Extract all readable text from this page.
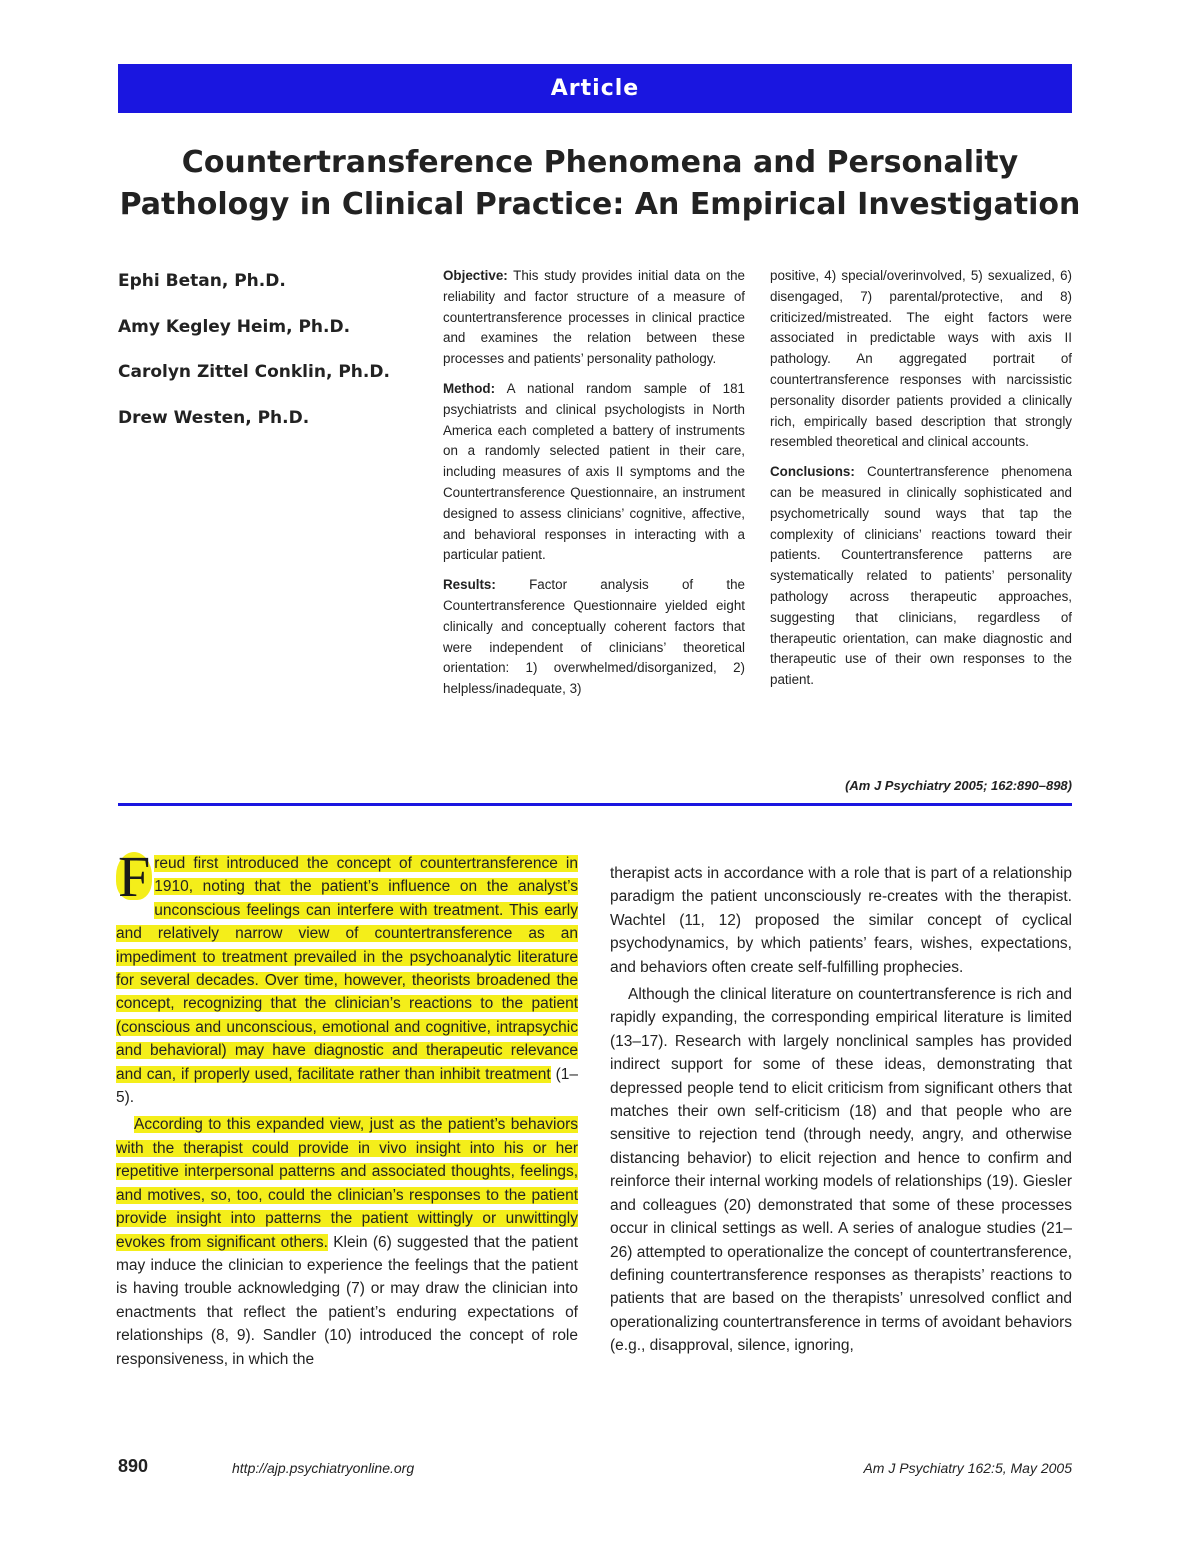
Article
Countertransference Phenomena and Personality
Pathology in Clinical Practice: An Empirical Investigation
Ephi Betan, Ph.D.
Amy Kegley Heim, Ph.D.
Carolyn Zittel Conklin, Ph.D.
Drew Westen, Ph.D.

Objective: This study provides initial data on the reliability and factor structure of a measure of countertransference processes in clinical practice and examines the relation between these processes and patients’ personality pathology.

Method: A national random sample of 181 psychiatrists and clinical psychologists in North America each completed a battery of instruments on a randomly selected patient in their care, including measures of axis II symptoms and the Countertransference Questionnaire, an instrument designed to assess clinicians’ cognitive, affective, and behavioral responses in interacting with a particular patient.

Results: Factor analysis of the Countertransference Questionnaire yielded eight clinically and conceptually coherent factors that were independent of clinicians’ theoretical orientation: 1) overwhelmed/disorganized, 2) helpless/inadequate, 3)

positive, 4) special/overinvolved, 5) sexualized, 6) disengaged, 7) parental/protective, and 8) criticized/mistreated. The eight factors were associated in predictable ways with axis II pathology. An aggregated portrait of countertransference responses with narcissistic personality disorder patients provided a clinically rich, empirically based description that strongly resembled theoretical and clinical accounts.

Conclusions: Countertransference phenomena can be measured in clinically sophisticated and psychometrically sound ways that tap the complexity of clinicians’ reactions toward their patients. Countertransference patterns are systematically related to patients’ personality pathology across therapeutic approaches, suggesting that clinicians, regardless of therapeutic orientation, can make diagnostic and therapeutic use of their own responses to the patient.

(Am J Psychiatry 2005; 162:890–898)

F reud first introduced the concept of countertransference in 1910, noting that the patient’s influence on the analyst’s unconscious feelings can interfere with treatment. This early and relatively narrow view of countertransference as an impediment to treatment prevailed in the psychoanalytic literature for several decades. Over time, however, theorists broadened the concept, recognizing that the clinician’s reactions to the patient (conscious and unconscious, emotional and cognitive, intrapsychic and behavioral) may have diagnostic and therapeutic relevance and can, if properly used, facilitate rather than inhibit treatment (1–5).

According to this expanded view, just as the patient’s behaviors with the therapist could provide in vivo insight into his or her repetitive interpersonal patterns and associated thoughts, feelings, and motives, so, too, could the clinician’s responses to the patient provide insight into patterns the patient wittingly or unwittingly evokes from significant others. Klein (6) suggested that the patient may induce the clinician to experience the feelings that the patient is having trouble acknowledging (7) or may draw the clinician into enactments that reflect the patient’s enduring expectations of relationships (8, 9). Sandler (10) introduced the concept of role responsiveness, in which the

therapist acts in accordance with a role that is part of a relationship paradigm the patient unconsciously re-creates with the therapist. Wachtel (11, 12) proposed the similar concept of cyclical psychodynamics, by which patients’ fears, wishes, expectations, and behaviors often create self-fulfilling prophecies.

Although the clinical literature on countertransference is rich and rapidly expanding, the corresponding empirical literature is limited (13–17). Research with largely nonclinical samples has provided indirect support for some of these ideas, demonstrating that depressed people tend to elicit criticism from significant others that matches their own self-criticism (18) and that people who are sensitive to rejection tend (through needy, angry, and otherwise distancing behavior) to elicit rejection and hence to confirm and reinforce their internal working models of relationships (19). Giesler and colleagues (20) demonstrated that some of these processes occur in clinical settings as well. A series of analogue studies (21–26) attempted to operationalize the concept of countertransference, defining countertransference responses as therapists’ reactions to patients that are based on the therapists’ unresolved conflict and operationalizing countertransference in terms of avoidant behaviors (e.g., disapproval, silence, ignoring,

890	http://ajp.psychiatryonline.org	Am J Psychiatry 162:5, May 2005
